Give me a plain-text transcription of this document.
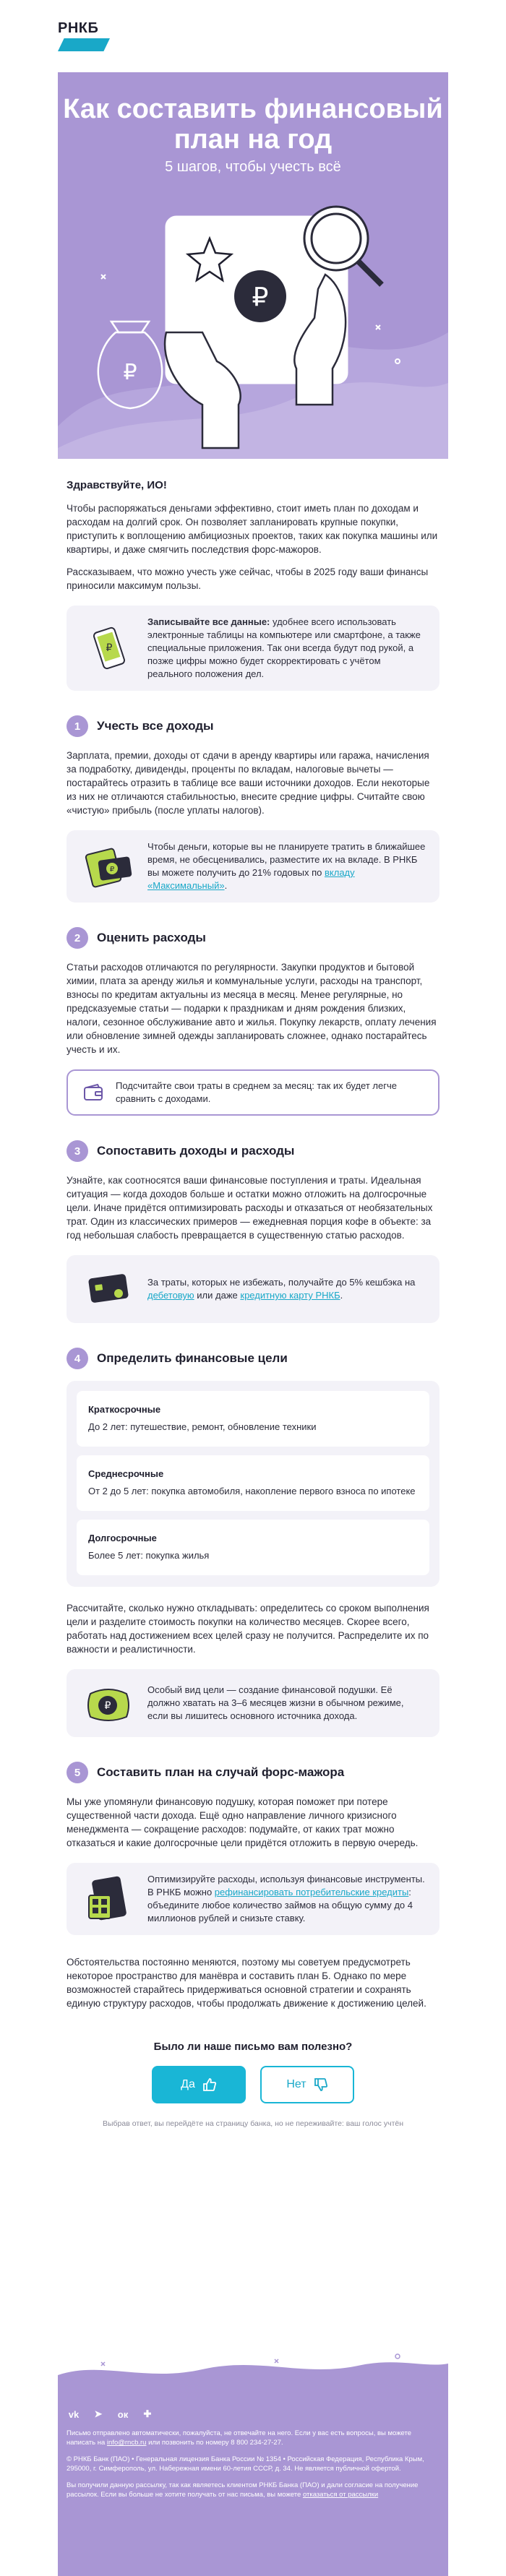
РНКБ
Как составить финансовый план на год
5 шагов, чтобы учесть всё
₽
₽
Здравствуйте, ИО!

Чтобы распоряжаться деньгами эффективно, стоит иметь план по доходам и расходам на долгий срок. Он позволяет запланировать крупные покупки, приступить к воплощению амбициозных проектов, таких как покупка машины или квартиры, и даже смягчить последствия форс-мажоров.

Рассказываем, что можно учесть уже сейчас, чтобы в 2025 году ваши финансы приносили максимум пользы.

₽
Записывайте все данные: удобнее всего использовать электронные таблицы на компьютере или смартфоне, а также специальные приложения. Так они всегда будут под рукой, а позже цифры можно будет скорректировать с учётом реального положения дел.
1	Учесть все доходы

Зарплата, премии, доходы от сдачи в аренду квартиры или гаража, начисления за подработку, дивиденды, проценты по вкладам, налоговые вычеты — постарайтесь отразить в таблице все ваши источники доходов. Если некоторые из них не отличаются стабильностью, внесите средние цифры. Считайте свою «чистую» прибыль (после уплаты налогов).

₽
Чтобы деньги, которые вы не планируете тратить в ближайшее время, не обесценивались, разместите их на вкладе. В РНКБ вы можете получить до 21% годовых по вкладу «Максимальный».
2	Оценить расходы

Статьи расходов отличаются по регулярности. Закупки продуктов и бытовой химии, плата за аренду жилья и коммунальные услуги, расходы на транспорт, взносы по кредитам актуальны из месяца в месяц. Менее регулярные, но предсказуемые статьи — подарки к праздникам и дням рождения близких, налоги, сезонное обслуживание авто и жилья. Покупку лекарств, оплату лечения или обновление зимней одежды запланировать сложнее, однако постарайтесь учесть и их.

Подсчитайте свои траты в среднем за месяц: так их будет легче сравнить с доходами.
3	Сопоставить доходы и расходы

Узнайте, как соотносятся ваши финансовые поступления и траты. Идеальная ситуация — когда доходов больше и остатки можно отложить на долгосрочные цели. Иначе придётся оптимизировать расходы и отказаться от необязательных трат. Один из классических примеров — ежедневная порция кофе в объекте: за год небольшая слабость превращается в существенную статью расходов.

За траты, которых не избежать, получайте до 5% кешбэка на дебетовую или даже кредитную карту РНКБ.
4	Определить финансовые цели
Краткосрочные
До 2 лет: путешествие, ремонт, обновление техники
Среднесрочные
От 2 до 5 лет: покупка автомобиля, накопление первого взноса по ипотеке
Долгосрочные
Более 5 лет: покупка жилья

Рассчитайте, сколько нужно откладывать: определитесь со сроком выполнения цели и разделите стоимость покупки на количество месяцев. Скорее всего, работать над достижением всех целей сразу не получится. Распределите их по важности и реалистичности.

₽
Особый вид цели — создание финансовой подушки. Её должно хватать на 3–6 месяцев жизни в обычном режиме, если вы лишитесь основного источника дохода.
5	Составить план на случай форс-мажора

Мы уже упомянули финансовую подушку, которая поможет при потере существенной части дохода. Ещё одно направление личного кризисного менеджмента — сокращение расходов: подумайте, от каких трат можно отказаться и какие долгосрочные цели придётся отложить в первую очередь.

Оптимизируйте расходы, используя финансовые инструменты. В РНКБ можно рефинансировать потребительские кредиты: объедините любое количество займов на общую сумму до 4 миллионов рублей и снизьте ставку.

Обстоятельства постоянно меняются, поэтому мы советуем предусмотреть некоторое пространство для манёвра и составить план Б. Однако по мере возможностей старайтесь придерживаться основной стратегии и сохранять единую структуру расходов, чтобы продолжать движение к достижению целей.

Было ли наше письмо вам полезно?
Да	Нет
Выбрав ответ, вы перейдёте на страницу банка, но не переживайте: ваш голос учтён
vk	➤	ок	✚

Письмо отправлено автоматически, пожалуйста, не отвечайте на него. Если у вас есть вопросы, вы можете написать на info@rncb.ru или позвонить по номеру 8 800 234-27-27.

© РНКБ Банк (ПАО) • Генеральная лицензия Банка России № 1354 • Российская Федерация, Республика Крым, 295000, г. Симферополь, ул. Набережная имени 60-летия СССР, д. 34. Не является публичной офертой.

Вы получили данную рассылку, так как являетесь клиентом РНКБ Банка (ПАО) и дали согласие на получение рассылок. Если вы больше не хотите получать от нас письма, вы можете отказаться от рассылки
